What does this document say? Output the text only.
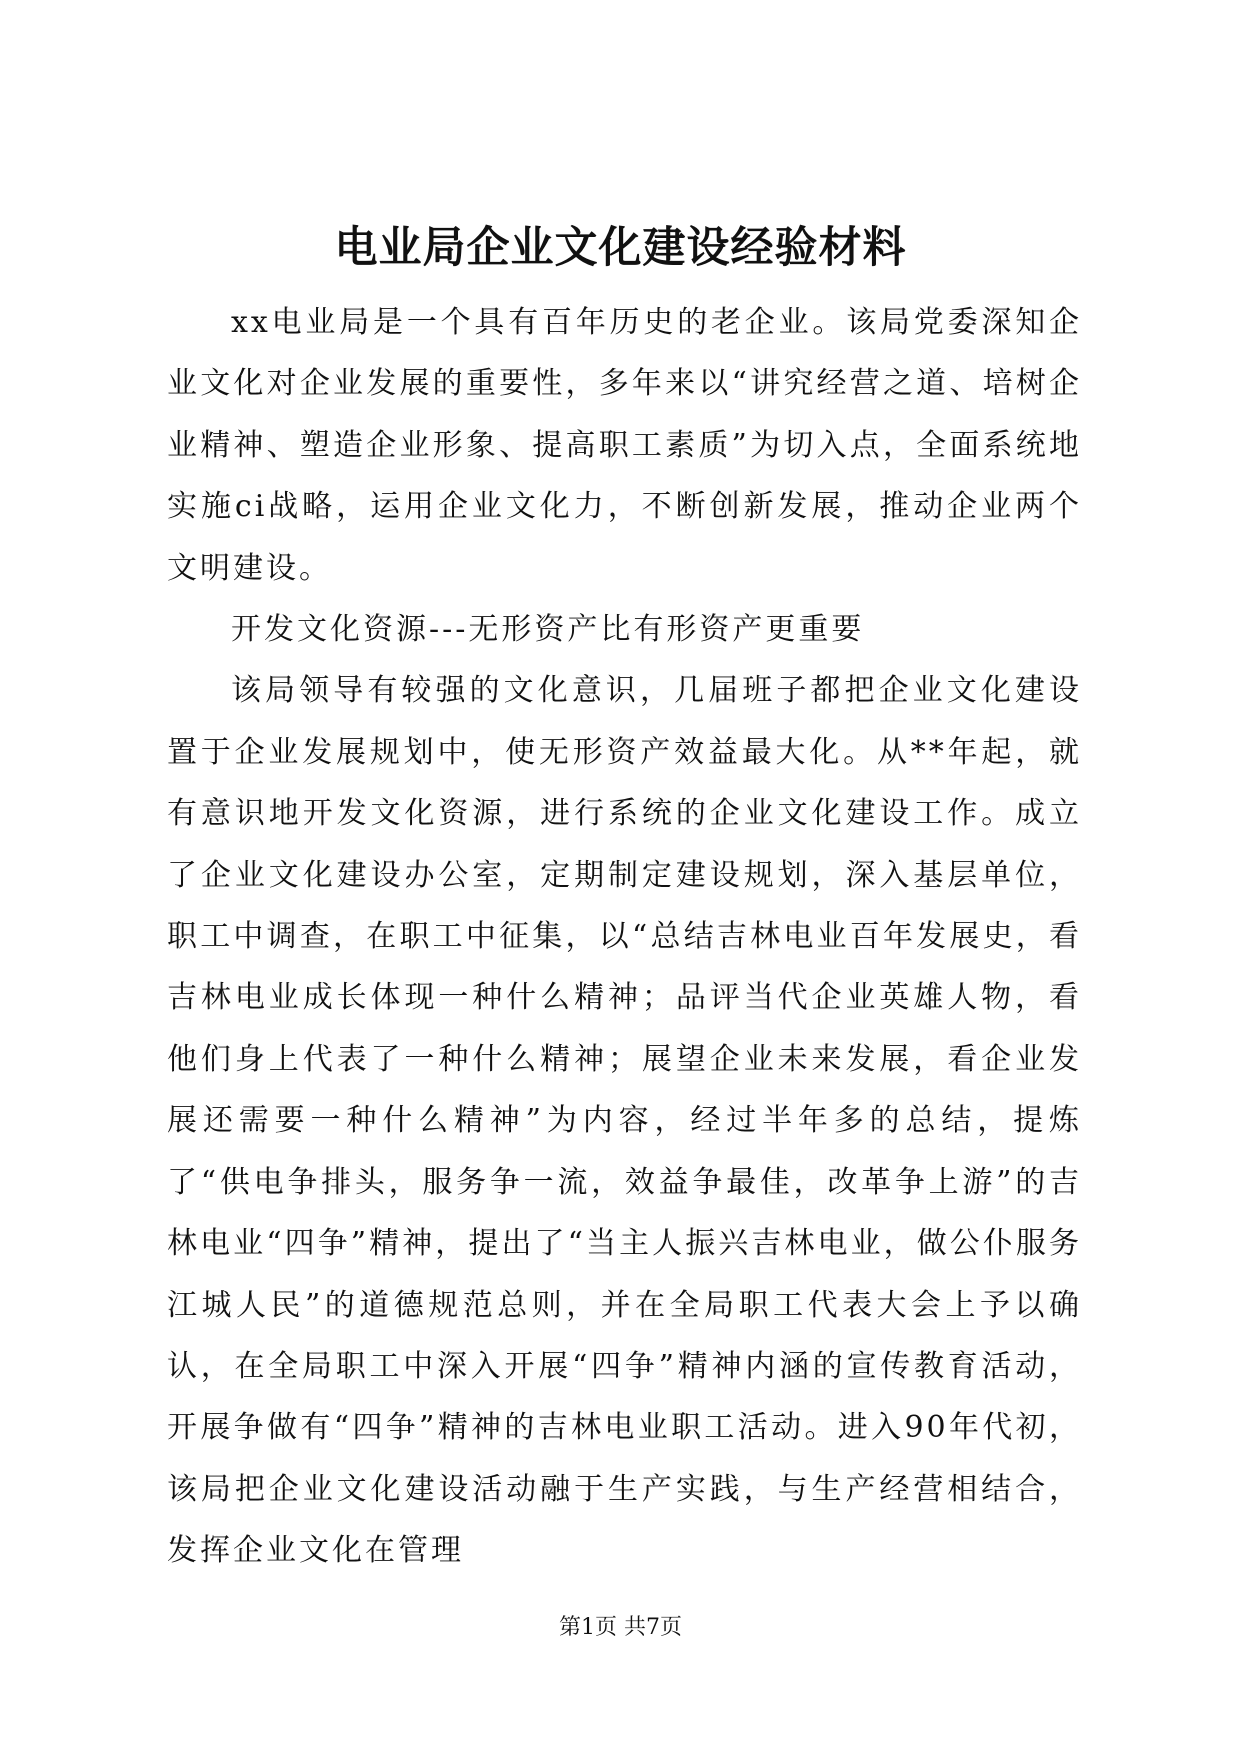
电业局企业文化建设经验材料

xx电业局是一个具有百年历史的老企业。该局党委深知企业文化对企业发展的重要性，多年来以“讲究经营之道、培树企业精神、塑造企业形象、提高职工素质”为切入点，全面系统地实施ci战略，运用企业文化力，不断创新发展，推动企业两个文明建设。

开发文化资源---无形资产比有形资产更重要

该局领导有较强的文化意识，几届班子都把企业文化建设置于企业发展规划中，使无形资产效益最大化。从**年起，就有意识地开发文化资源，进行系统的企业文化建设工作。成立了企业文化建设办公室，定期制定建设规划，深入基层单位，职工中调查，在职工中征集，以“总结吉林电业百年发展史，看吉林电业成长体现一种什么精神；品评当代企业英雄人物，看他们身上代表了一种什么精神；展望企业未来发展，看企业发展还需要一种什么精神”为内容，经过半年多的总结，提炼了“供电争排头，服务争一流，效益争最佳，改革争上游”的吉林电业“四争”精神，提出了“当主人振兴吉林电业，做公仆服务江城人民”的道德规范总则，并在全局职工代表大会上予以确认，在全局职工中深入开展“四争”精神内涵的宣传教育活动，开展争做有“四争”精神的吉林电业职工活动。进入90年代初，该局把企业文化建设活动融于生产实践，与生产经营相结合，发挥企业文化在管理

第1页 共7页
